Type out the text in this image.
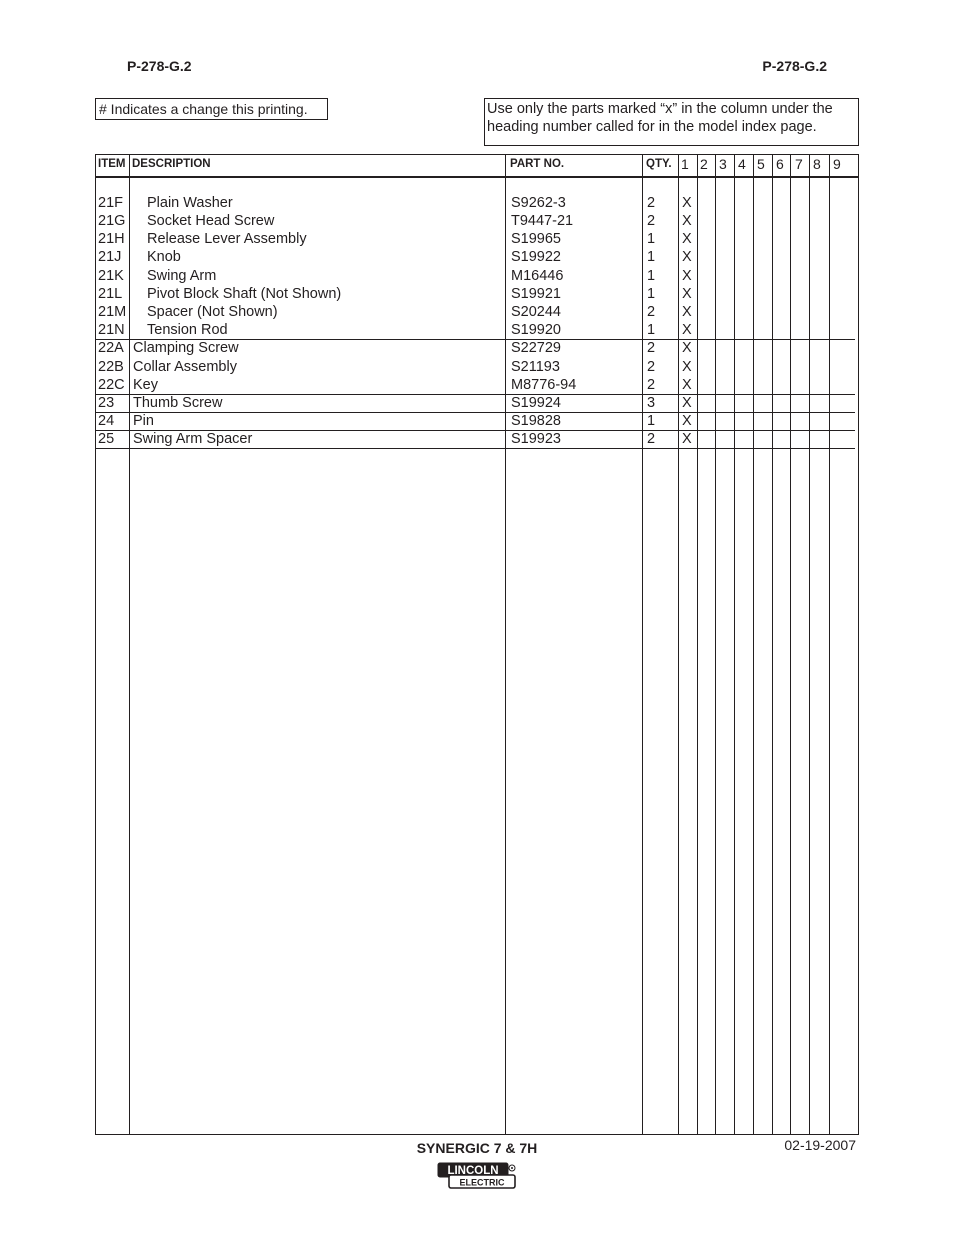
P-278-G.2	P-278-G.2
# Indicates a change this printing.	Use only the parts marked “x” in the column under the heading number called for in the model index page.
ITEM DESCRIPTION	PART NO.	QTY. 1 2 3 4 5 6 7 8 9
21F Plain Washer	S9262-3	2 X
21G Socket Head Screw	T9447-21	2 X
21H Release Lever Assembly	S19965	1 X
21J Knob	S19922	1 X
21K Swing Arm	M16446	1 X
21L Pivot Block Shaft (Not Shown)	S19921	1 X
21M Spacer (Not Shown)	S20244	2 X
21N Tension Rod	S19920	1 X
22A Clamping Screw	S22729	2 X
22B Collar Assembly	S21193	2 X
22C Key	M8776-94	2 X
23 Thumb Screw	S19924	3 X
24 Pin	S19828	1 X
25 Swing Arm Spacer	S19923	2 X
SYNERGIC 7 & 7H	02-19-2007
LINCOLN
ELECTRIC
